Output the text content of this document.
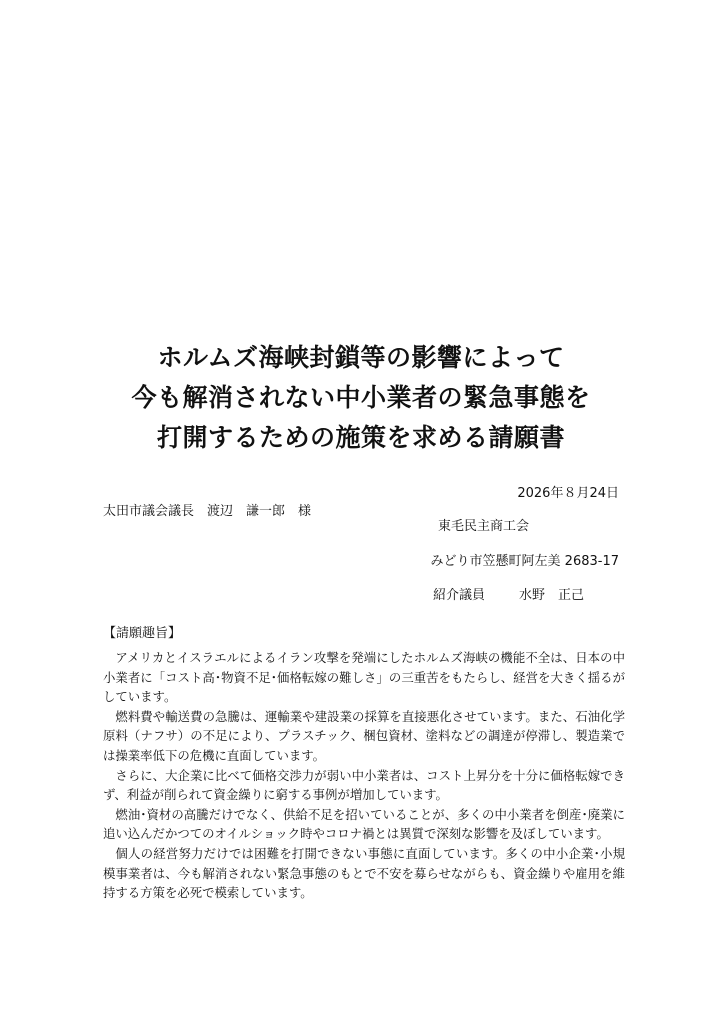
ホルムズ海峡封鎖等の影響によって
今も解消されない中小業者の緊急事態を
打開するための施策を求める請願書
2026年８月24日
太田市議会議長　渡辺　謙一郎　様
東毛民主商工会
みどり市笠懸町阿左美 2683-17
紹介議員	水野　正己
【請願趣旨】

アメリカとイスラエルによるイラン攻撃を発端にしたホルムズ海峡の機能不全は、日本の中小業者に「コスト高･物資不足･価格転嫁の難しさ」の三重苦をもたらし、経営を大きく揺るがしています。

燃料費や輸送費の急騰は、運輸業や建設業の採算を直接悪化させています。また、石油化学原料（ナフサ）の不足により、プラスチック、梱包資材、塗料などの調達が停滞し、製造業では操業率低下の危機に直面しています。

さらに、大企業に比べて価格交渉力が弱い中小業者は、コスト上昇分を十分に価格転嫁できず、利益が削られて資金繰りに窮する事例が増加しています。

燃油･資材の高騰だけでなく、供給不足を招いていることが、多くの中小業者を倒産･廃業に追い込んだかつてのオイルショック時やコロナ禍とは異質で深刻な影響を及ぼしています。

個人の経営努力だけでは困難を打開できない事態に直面しています。多くの中小企業･小規模事業者は、今も解消されない緊急事態のもとで不安を募らせながらも、資金繰りや雇用を維持する方策を必死で模索しています。
